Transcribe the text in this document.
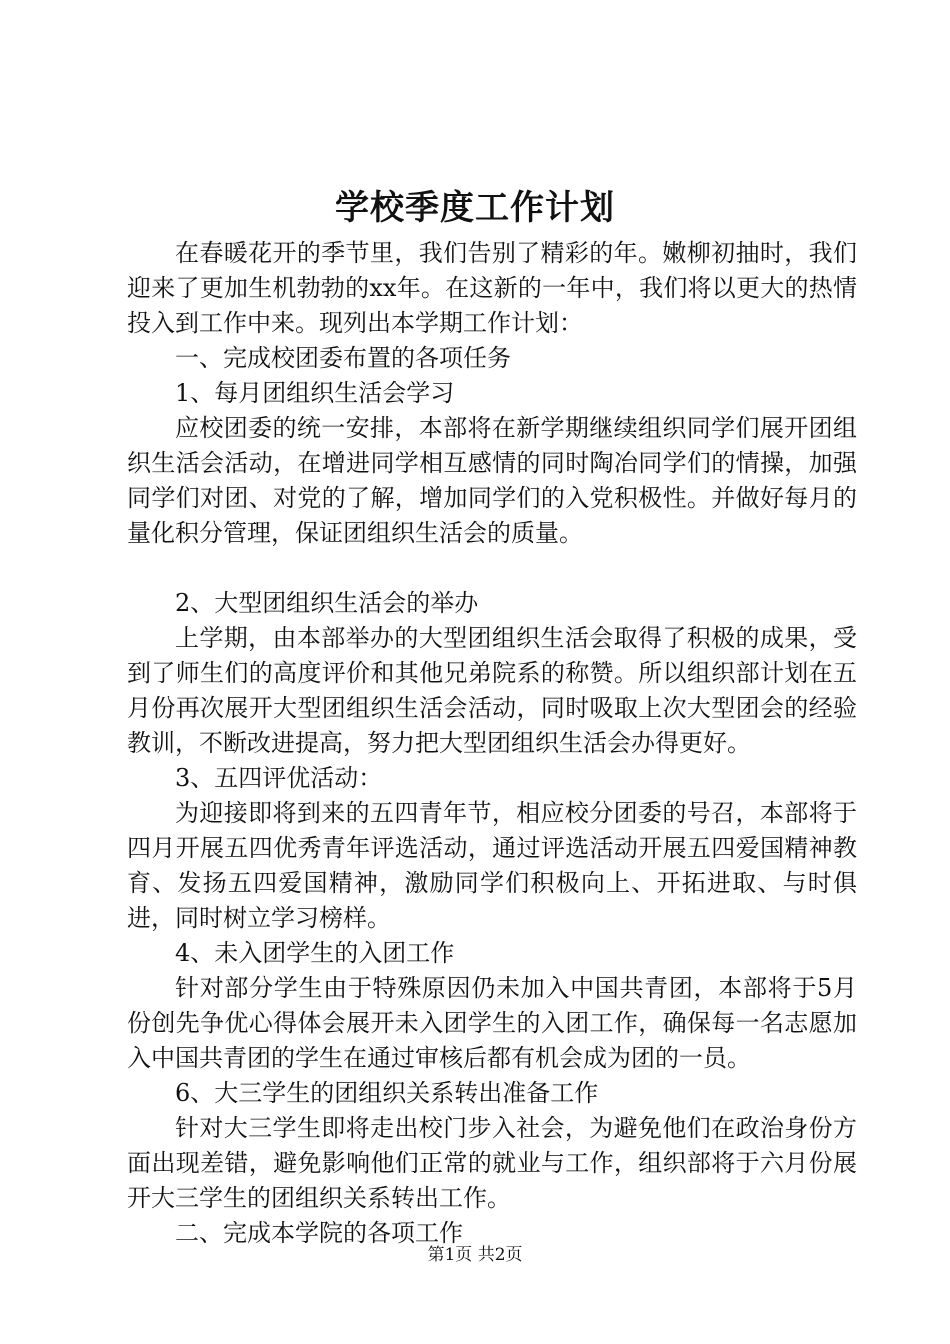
学校季度工作计划

在春暖花开的季节里，我们告别了精彩的年。嫩柳初抽时，我们迎来了更加生机勃勃的xx年。在这新的一年中，我们将以更大的热情投入到工作中来。现列出本学期工作计划：

一、完成校团委布置的各项任务

1、每月团组织生活会学习

应校团委的统一安排，本部将在新学期继续组织同学们展开团组织生活会活动，在增进同学相互感情的同时陶冶同学们的情操，加强同学们对团、对党的了解，增加同学们的入党积极性。并做好每月的量化积分管理，保证团组织生活会的质量。

2、大型团组织生活会的举办

上学期，由本部举办的大型团组织生活会取得了积极的成果，受到了师生们的高度评价和其他兄弟院系的称赞。所以组织部计划在五月份再次展开大型团组织生活会活动，同时吸取上次大型团会的经验教训，不断改进提高，努力把大型团组织生活会办得更好。

3、五四评优活动：

为迎接即将到来的五四青年节，相应校分团委的号召，本部将于四月开展五四优秀青年评选活动，通过评选活动开展五四爱国精神教育、发扬五四爱国精神，激励同学们积极向上、开拓进取、与时俱进，同时树立学习榜样。

4、未入团学生的入团工作

针对部分学生由于特殊原因仍未加入中国共青团，本部将于5月份创先争优心得体会展开未入团学生的入团工作，确保每一名志愿加入中国共青团的学生在通过审核后都有机会成为团的一员。

6、大三学生的团组织关系转出准备工作

针对大三学生即将走出校门步入社会，为避免他们在政治身份方面出现差错，避免影响他们正常的就业与工作，组织部将于六月份展开大三学生的团组织关系转出工作。

二、完成本学院的各项工作

第1页 共2页
